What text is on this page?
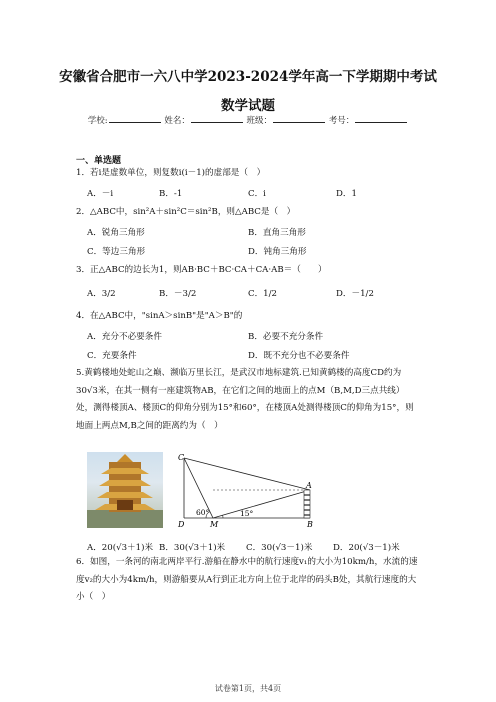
安徽省合肥市一六八中学2023-2024学年高一下学期期中考试
数学试题
学校:	姓名：	班级：	考号：
一、单选题
1．若i是虚数单位，则复数i(i－1)的虚部是（　）
A．－i	B．-1	C．i	D．1
2．△ABC中，sin²A＋sin²C＝sin²B，则△ABC是（　）
A．锐角三角形	B．直角三角形
C．等边三角形	D．钝角三角形
3．正△ABC的边长为1，则AB·BC＋BC·CA＋CA·AB＝（　　）
A．3/2	B．－3/2	C．1/2	D．－1/2
4．在△ABC中，"sinA＞sinB"是"A＞B"的
A．充分不必要条件	B．必要不充分条件
C．充要条件	D．既不充分也不必要条件
5.黄鹤楼地处蛇山之巅、濒临万里长江，是武汉市地标建筑.已知黄鹤楼的高度CD约为30√3米，在其一侧有一座建筑物AB，在它们之间的地面上的点M（B,M,D三点共线）处，测得楼顶A、楼顶C的仰角分别为15°和60°，在楼顶A处测得楼顶C的仰角为15°，则地面上两点M,B之间的距离约为（　）
C
A
D	M	B
60°	15°
A．20(√3＋1)米 B．30(√3＋1)米 C．30(√3－1)米 D．20(√3－1)米
6．如图，一条河的南北两岸平行.游船在静水中的航行速度v₁的大小为10km/h，水流的速度v₂的大小为4km/h，则游船要从A行到正北方向上位于北岸的码头B处，其航行速度的大小（　）
试卷第1页，共4页
